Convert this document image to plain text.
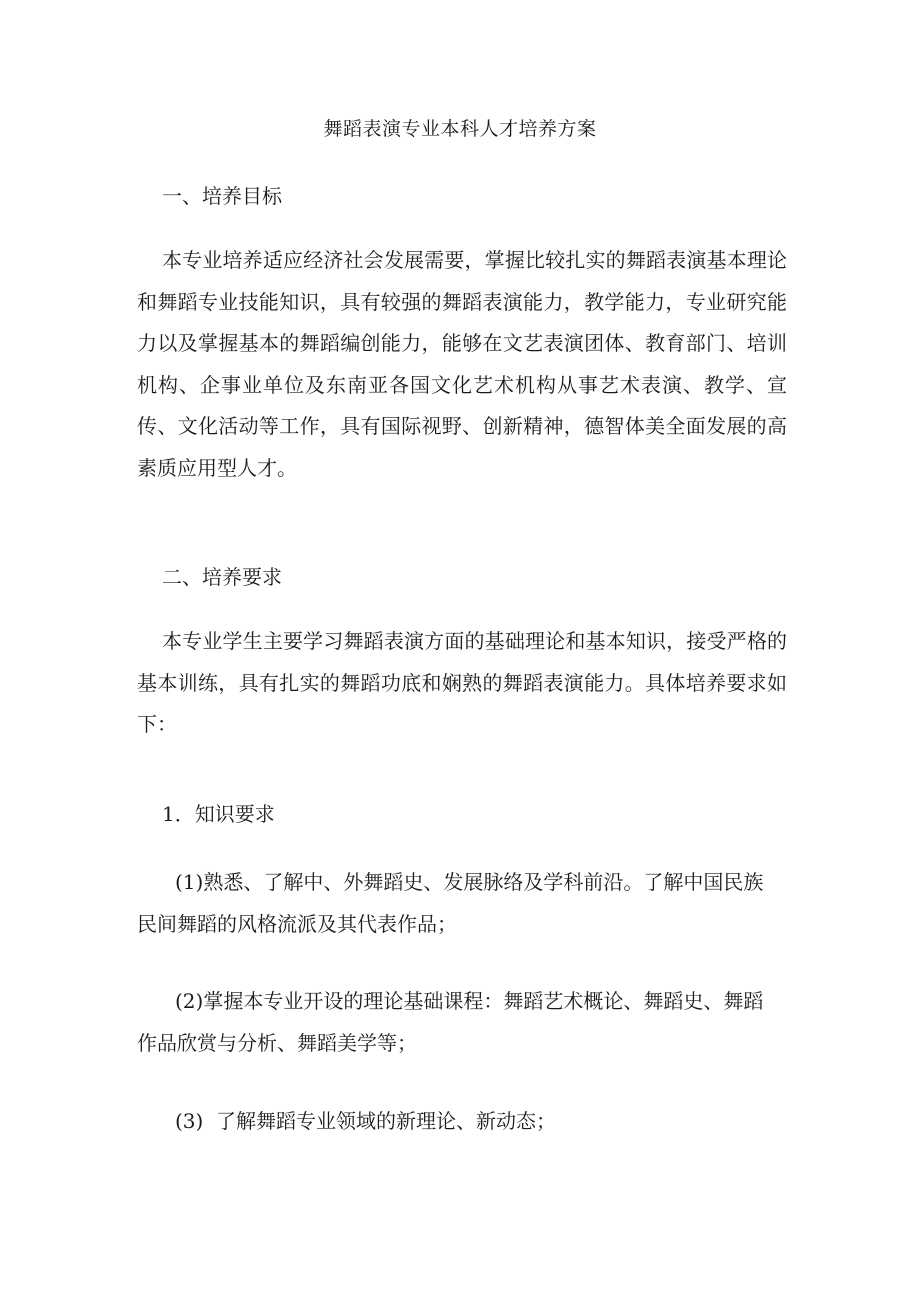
舞蹈表演专业本科人才培养方案
一、培养目标

本专业培养适应经济社会发展需要，掌握比较扎实的舞蹈表演基本理论和舞蹈专业技能知识，具有较强的舞蹈表演能力，教学能力，专业研究能力以及掌握基本的舞蹈编创能力，能够在文艺表演团体、教育部门、培训机构、企事业单位及东南亚各国文化艺术机构从事艺术表演、教学、宣传、文化活动等工作，具有国际视野、创新精神，德智体美全面发展的高素质应用型人才。

二、培养要求

本专业学生主要学习舞蹈表演方面的基础理论和基本知识，接受严格的基本训练，具有扎实的舞蹈功底和娴熟的舞蹈表演能力。具体培养要求如下：

1．知识要求
(1)熟悉、了解中、外舞蹈史、发展脉络及学科前沿。了解中国民族
民间舞蹈的风格流派及其代表作品；
(2)掌握本专业开设的理论基础课程：舞蹈艺术概论、舞蹈史、舞蹈
作品欣赏与分析、舞蹈美学等；
(3)  了解舞蹈专业领域的新理论、新动态；
